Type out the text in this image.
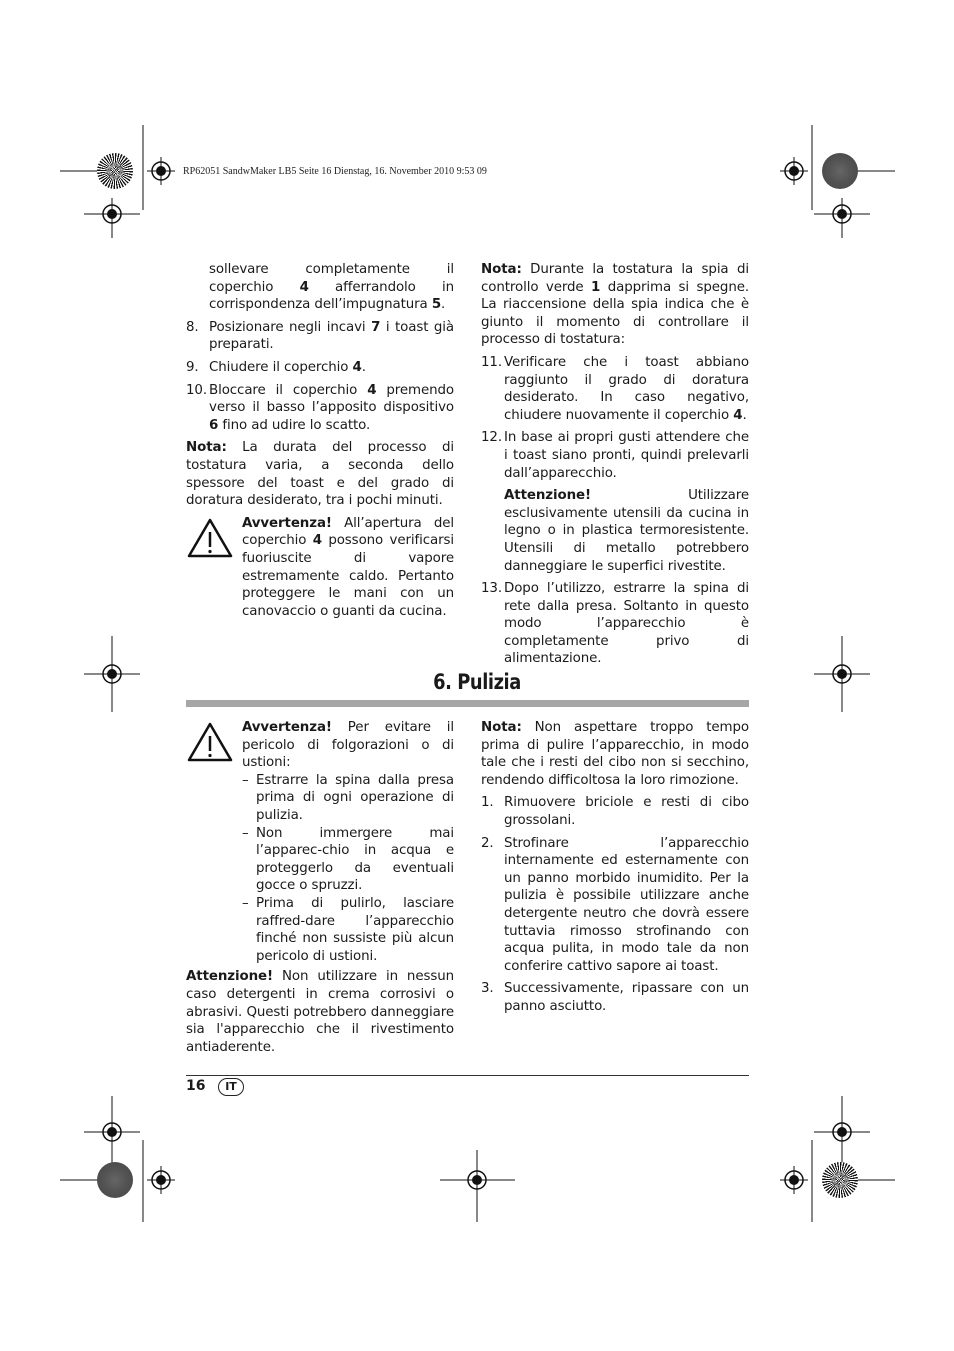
RP62051 SandwMaker LB5 Seite 16 Dienstag, 16. November 2010 9:53 09
sollevare completamente il coperchio 4 afferrandolo in corrispondenza dell’impugnatura 5.
8. Posizionare negli incavi 7 i toast già preparati.
9. Chiudere il coperchio 4.
10. Bloccare il coperchio 4 premendo verso il basso l’apposito dispositivo 6 fino ad udire lo scatto.

Nota: La durata del processo di tostatura varia, a seconda dello spessore del toast e del grado di doratura desiderato, tra i pochi minuti.

Avvertenza! All’apertura del coperchio 4 possono verificarsi fuoriuscite di vapore estremamente caldo. Pertanto proteggere le mani con un canovaccio o guanti da cucina.

Nota: Durante la tostatura la spia di controllo verde 1 dapprima si spegne. La riaccensione della spia indica che è giunto il momento di controllare il processo di tostatura:

11. Verificare che i toast abbiano raggiunto il grado di doratura desiderato. In caso negativo, chiudere nuovamente il coperchio 4.
12. In base ai propri gusti attendere che i toast siano pronti, quindi prelevarli dall’apparecchio.
Attenzione! Utilizzare esclusivamente utensili da cucina in legno o in plastica termoresistente. Utensili di metallo potrebbero danneggiare le superfici rivestite.
13. Dopo l’utilizzo, estrarre la spina di rete dalla presa. Soltanto in questo modo l’apparecchio è completamente privo di alimentazione.
6. Pulizia

Avvertenza! Per evitare il pericolo di folgorazioni o di ustioni:

– Estrarre la spina dalla presa prima di ogni operazione di pulizia.
– Non immergere mai l’apparec-chio in acqua e proteggerlo da eventuali gocce o spruzzi.
– Prima di pulirlo, lasciare raffred-dare l’apparecchio finché non sussiste più alcun pericolo di ustioni.

Attenzione! Non utilizzare in nessun caso detergenti in crema corrosivi o abrasivi. Questi potrebbero danneggiare sia l'apparecchio che il rivestimento antiaderente.

Nota: Non aspettare troppo tempo prima di pulire l’apparecchio, in modo tale che i resti del cibo non si secchino, rendendo difficoltosa la loro rimozione.

1. Rimuovere briciole e resti di cibo grossolani.
2. Strofinare l’apparecchio internamente ed esternamente con un panno morbido inumidito. Per la pulizia è possibile utilizzare anche detergente neutro che dovrà essere tuttavia rimosso strofinando con acqua pulita, in modo tale da non conferire cattivo sapore ai toast.
3. Successivamente, ripassare con un panno asciutto.
16	IT
